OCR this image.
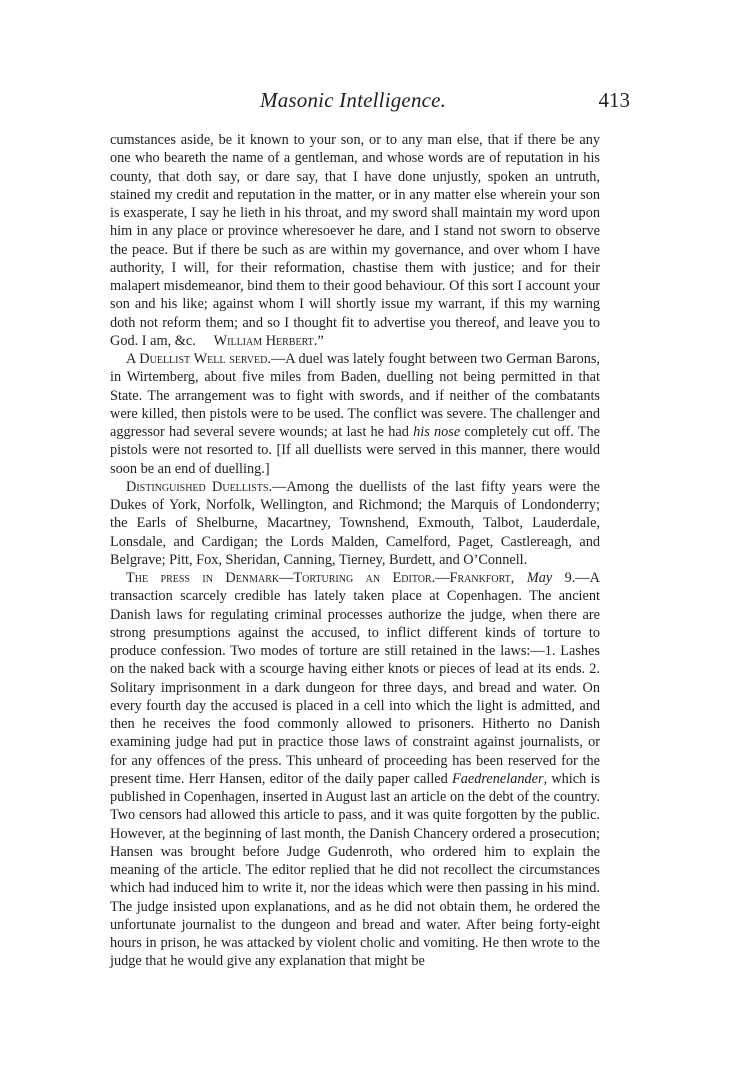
Masonic Intelligence.	413

cumstances aside, be it known to your son, or to any man else, that if there be any one who beareth the name of a gentleman, and whose words are of reputation in his county, that doth say, or dare say, that I have done unjustly, spoken an untruth, stained my credit and reputation in the matter, or in any matter else wherein your son is exasperate, I say he lieth in his throat, and my sword shall maintain my word upon him in any place or province wheresoever he dare, and I stand not sworn to observe the peace. But if there be such as are within my governance, and over whom I have authority, I will, for their reformation, chastise them with justice; and for their malapert misdemeanor, bind them to their good behaviour. Of this sort I account your son and his like; against whom I will shortly issue my warrant, if this my warning doth not reform them; and so I thought fit to advertise you thereof, and leave you to God. I am, &c. William Herbert.”

A Duellist Well served.—A duel was lately fought between two German Barons, in Wirtemberg, about five miles from Baden, duelling not being permitted in that State. The arrangement was to fight with swords, and if neither of the combatants were killed, then pistols were to be used. The conflict was severe. The challenger and aggressor had several severe wounds; at last he had his nose completely cut off. The pistols were not resorted to. [If all duellists were served in this manner, there would soon be an end of duelling.]

Distinguished Duellists.—Among the duellists of the last fifty years were the Dukes of York, Norfolk, Wellington, and Richmond; the Marquis of Londonderry; the Earls of Shelburne, Macartney, Townshend, Exmouth, Talbot, Lauderdale, Lonsdale, and Cardigan; the Lords Malden, Camelford, Paget, Castlereagh, and Belgrave; Pitt, Fox, Sheridan, Canning, Tierney, Burdett, and O’Connell.

The press in Denmark—Torturing an Editor.—Frankfort, May 9.—A transaction scarcely credible has lately taken place at Copenhagen. The ancient Danish laws for regulating criminal processes authorize the judge, when there are strong presumptions against the accused, to inflict different kinds of torture to produce confession. Two modes of torture are still retained in the laws:—1. Lashes on the naked back with a scourge having either knots or pieces of lead at its ends. 2. Solitary imprisonment in a dark dungeon for three days, and bread and water. On every fourth day the accused is placed in a cell into which the light is admitted, and then he receives the food commonly allowed to prisoners. Hitherto no Danish examining judge had put in practice those laws of constraint against journalists, or for any offences of the press. This unheard of proceeding has been reserved for the present time. Herr Hansen, editor of the daily paper called Faedrenelander, which is published in Copenhagen, inserted in August last an article on the debt of the country. Two censors had allowed this article to pass, and it was quite forgotten by the public. However, at the beginning of last month, the Danish Chancery ordered a prosecution; Hansen was brought before Judge Gudenroth, who ordered him to explain the meaning of the article. The editor replied that he did not recollect the circumstances which had induced him to write it, nor the ideas which were then passing in his mind. The judge insisted upon explanations, and as he did not obtain them, he ordered the unfortunate journalist to the dungeon and bread and water. After being forty-eight hours in prison, he was attacked by violent cholic and vomiting. He then wrote to the judge that he would give any explanation that might be
